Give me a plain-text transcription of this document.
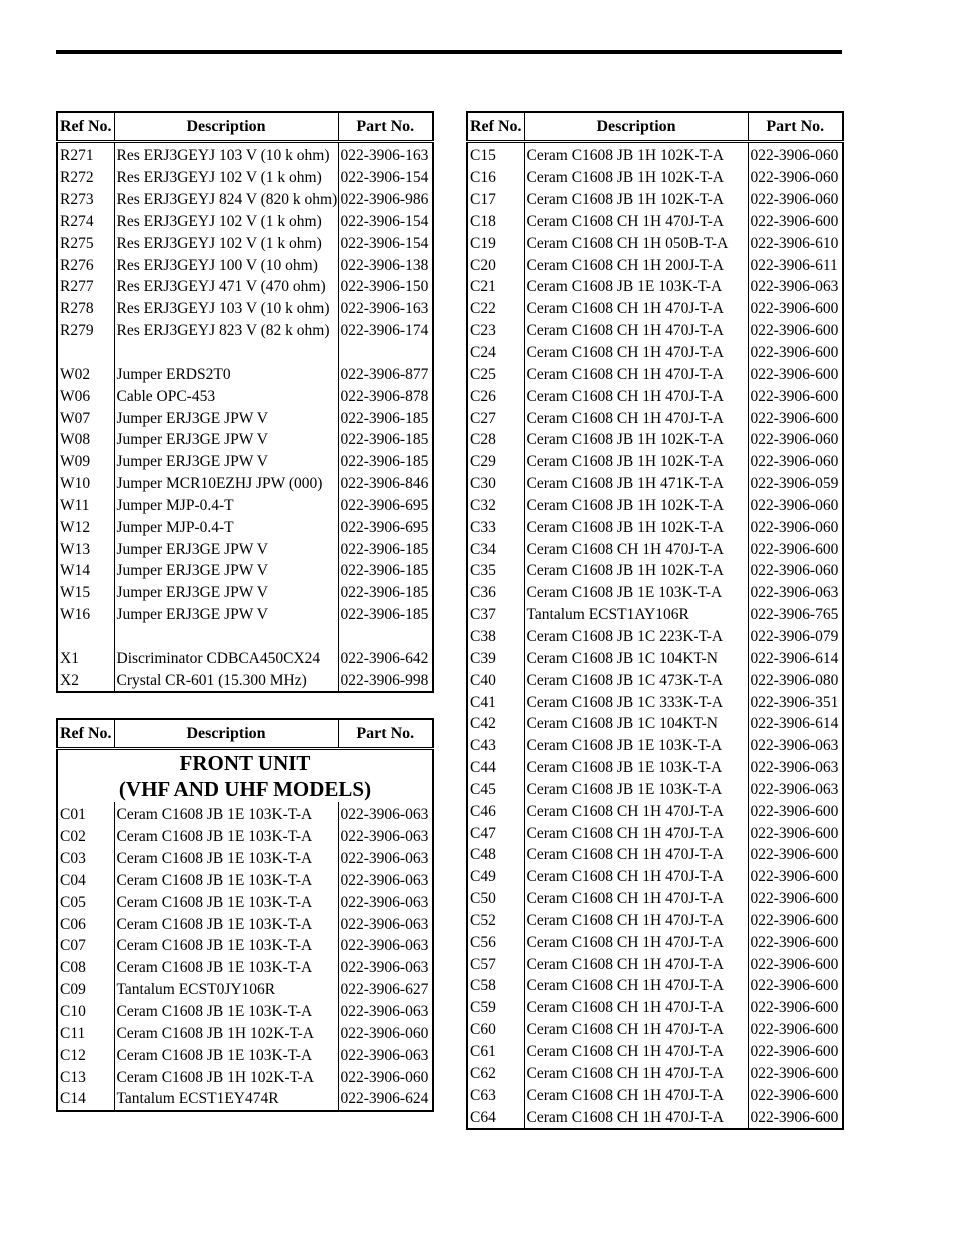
Ref No.	Description	Part No.
R271	Res ERJ3GEYJ 103 V (10 k ohm)	022-3906-163
R272	Res ERJ3GEYJ 102 V (1 k ohm)	022-3906-154
R273	Res ERJ3GEYJ 824 V (820 k ohm)	022-3906-986
R274	Res ERJ3GEYJ 102 V (1 k ohm)	022-3906-154
R275	Res ERJ3GEYJ 102 V (1 k ohm)	022-3906-154
R276	Res ERJ3GEYJ 100 V (10 ohm)	022-3906-138
R277	Res ERJ3GEYJ 471 V (470 ohm)	022-3906-150
R278	Res ERJ3GEYJ 103 V (10 k ohm)	022-3906-163
R279	Res ERJ3GEYJ 823 V (82 k ohm)	022-3906-174

W02	Jumper ERDS2T0	022-3906-877
W06	Cable OPC-453	022-3906-878
W07	Jumper ERJ3GE JPW V	022-3906-185
W08	Jumper ERJ3GE JPW V	022-3906-185
W09	Jumper ERJ3GE JPW V	022-3906-185
W10	Jumper MCR10EZHJ JPW (000)	022-3906-846
W11	Jumper MJP-0.4-T	022-3906-695
W12	Jumper MJP-0.4-T	022-3906-695
W13	Jumper ERJ3GE JPW V	022-3906-185
W14	Jumper ERJ3GE JPW V	022-3906-185
W15	Jumper ERJ3GE JPW V	022-3906-185
W16	Jumper ERJ3GE JPW V	022-3906-185

X1	Discriminator CDBCA450CX24	022-3906-642
X2	Crystal CR-601 (15.300 MHz)	022-3906-998
Ref No.	Description	Part No.

FRONT UNIT
(VHF AND UHF MODELS)		

C01	Ceram C1608 JB 1E 103K-T-A	022-3906-063
C02	Ceram C1608 JB 1E 103K-T-A	022-3906-063
C03	Ceram C1608 JB 1E 103K-T-A	022-3906-063
C04	Ceram C1608 JB 1E 103K-T-A	022-3906-063
C05	Ceram C1608 JB 1E 103K-T-A	022-3906-063
C06	Ceram C1608 JB 1E 103K-T-A	022-3906-063
C07	Ceram C1608 JB 1E 103K-T-A	022-3906-063
C08	Ceram C1608 JB 1E 103K-T-A	022-3906-063
C09	Tantalum ECST0JY106R	022-3906-627
C10	Ceram C1608 JB 1E 103K-T-A	022-3906-063
C11	Ceram C1608 JB 1H 102K-T-A	022-3906-060
C12	Ceram C1608 JB 1E 103K-T-A	022-3906-063
C13	Ceram C1608 JB 1H 102K-T-A	022-3906-060
C14	Tantalum ECST1EY474R	022-3906-624
Ref No.	Description	Part No.
C15	Ceram C1608 JB 1H 102K-T-A	022-3906-060
C16	Ceram C1608 JB 1H 102K-T-A	022-3906-060
C17	Ceram C1608 JB 1H 102K-T-A	022-3906-060
C18	Ceram C1608 CH 1H 470J-T-A	022-3906-600
C19	Ceram C1608 CH 1H 050B-T-A	022-3906-610
C20	Ceram C1608 CH 1H 200J-T-A	022-3906-611
C21	Ceram C1608 JB 1E 103K-T-A	022-3906-063
C22	Ceram C1608 CH 1H 470J-T-A	022-3906-600
C23	Ceram C1608 CH 1H 470J-T-A	022-3906-600
C24	Ceram C1608 CH 1H 470J-T-A	022-3906-600
C25	Ceram C1608 CH 1H 470J-T-A	022-3906-600
C26	Ceram C1608 CH 1H 470J-T-A	022-3906-600
C27	Ceram C1608 CH 1H 470J-T-A	022-3906-600
C28	Ceram C1608 JB 1H 102K-T-A	022-3906-060
C29	Ceram C1608 JB 1H 102K-T-A	022-3906-060
C30	Ceram C1608 JB 1H 471K-T-A	022-3906-059
C32	Ceram C1608 JB 1H 102K-T-A	022-3906-060
C33	Ceram C1608 JB 1H 102K-T-A	022-3906-060
C34	Ceram C1608 CH 1H 470J-T-A	022-3906-600
C35	Ceram C1608 JB 1H 102K-T-A	022-3906-060
C36	Ceram C1608 JB 1E 103K-T-A	022-3906-063
C37	Tantalum ECST1AY106R	022-3906-765
C38	Ceram C1608 JB 1C 223K-T-A	022-3906-079
C39	Ceram C1608 JB 1C 104KT-N	022-3906-614
C40	Ceram C1608 JB 1C 473K-T-A	022-3906-080
C41	Ceram C1608 JB 1C 333K-T-A	022-3906-351
C42	Ceram C1608 JB 1C 104KT-N	022-3906-614
C43	Ceram C1608 JB 1E 103K-T-A	022-3906-063
C44	Ceram C1608 JB 1E 103K-T-A	022-3906-063
C45	Ceram C1608 JB 1E 103K-T-A	022-3906-063
C46	Ceram C1608 CH 1H 470J-T-A	022-3906-600
C47	Ceram C1608 CH 1H 470J-T-A	022-3906-600
C48	Ceram C1608 CH 1H 470J-T-A	022-3906-600
C49	Ceram C1608 CH 1H 470J-T-A	022-3906-600
C50	Ceram C1608 CH 1H 470J-T-A	022-3906-600
C52	Ceram C1608 CH 1H 470J-T-A	022-3906-600
C56	Ceram C1608 CH 1H 470J-T-A	022-3906-600
C57	Ceram C1608 CH 1H 470J-T-A	022-3906-600
C58	Ceram C1608 CH 1H 470J-T-A	022-3906-600
C59	Ceram C1608 CH 1H 470J-T-A	022-3906-600
C60	Ceram C1608 CH 1H 470J-T-A	022-3906-600
C61	Ceram C1608 CH 1H 470J-T-A	022-3906-600
C62	Ceram C1608 CH 1H 470J-T-A	022-3906-600
C63	Ceram C1608 CH 1H 470J-T-A	022-3906-600
C64	Ceram C1608 CH 1H 470J-T-A	022-3906-600
